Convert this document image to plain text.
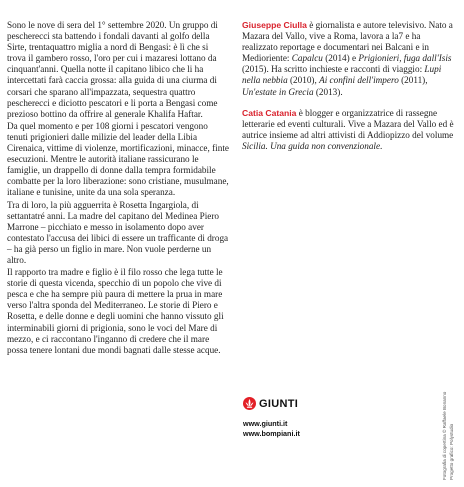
Sono le nove di sera del 1° settembre 2020. Un gruppo di pescherecci sta battendo i fondali davanti al golfo della Sirte, trentaquattro miglia a nord di Bengasi: è lì che si trova il gambero rosso, l'oro per cui i mazaresi lottano da cinquant'anni. Quella notte il capitano libico che li ha intercettati farà caccia grossa: alla guida di una ciurma di corsari che sparano all'impazzata, sequestra quattro pescherecci e diciotto pescatori e li porta a Bengasi come prezioso bottino da offrire al generale Khalifa Haftar.

Da quel momento e per 108 giorni i pescatori vengono tenuti prigionieri dalle milizie del leader della Libia Cirenaica, vittime di violenze, mortificazioni, minacce, finte esecuzioni. Mentre le autorità italiane rassicurano le famiglie, un drappello di donne dalla tempra formidabile combatte per la loro liberazione: sono cristiane, musulmane, italiane e tunisine, unite da una sola speranza.

Tra di loro, la più agguerrita è Rosetta Ingargiola, di settantatré anni. La madre del capitano del Medinea Piero Marrone – picchiato e messo in isolamento dopo aver contestato l'accusa dei libici di essere un trafficante di droga – ha già perso un figlio in mare. Non vuole perderne un altro.

Il rapporto tra madre e figlio è il filo rosso che lega tutte le storie di questa vicenda, specchio di un popolo che vive di pesca e che ha sempre più paura di mettere la prua in mare verso l'altra sponda del Mediterraneo. Le storie di Piero e Rosetta, e delle donne e degli uomini che hanno vissuto gli interminabili giorni di prigionia, sono le voci del Mare di mezzo, e ci raccontano l'inganno di credere che il mare possa tenere lontani due mondi bagnati dalle stesse acque.

Giuseppe Ciulla è giornalista e autore televisivo. Nato a Mazara del Vallo, vive a Roma, lavora a la7 e ha realizzato reportage e documentari nei Balcani e in Medioriente: Capalcu (2014) e Prigionieri, fuga dall'Isis (2015). Ha scritto inchieste e racconti di viaggio: Lupi nella nebbia (2010), Ai confini dell'impero (2011), Un'estate in Grecia (2013).

Catia Catania è blogger e organizzatrice di rassegne letterarie ed eventi culturali. Vive a Mazara del Vallo ed è autrice insieme ad altri attivisti di Addiopizzo del volume Sicilia. Una guida non convenzionale.

GIUNTI
www.giunti.it
www.bompiani.it	Fotografia di copertina © Raffaele Bonanno Progetto grafico: Polystudio
